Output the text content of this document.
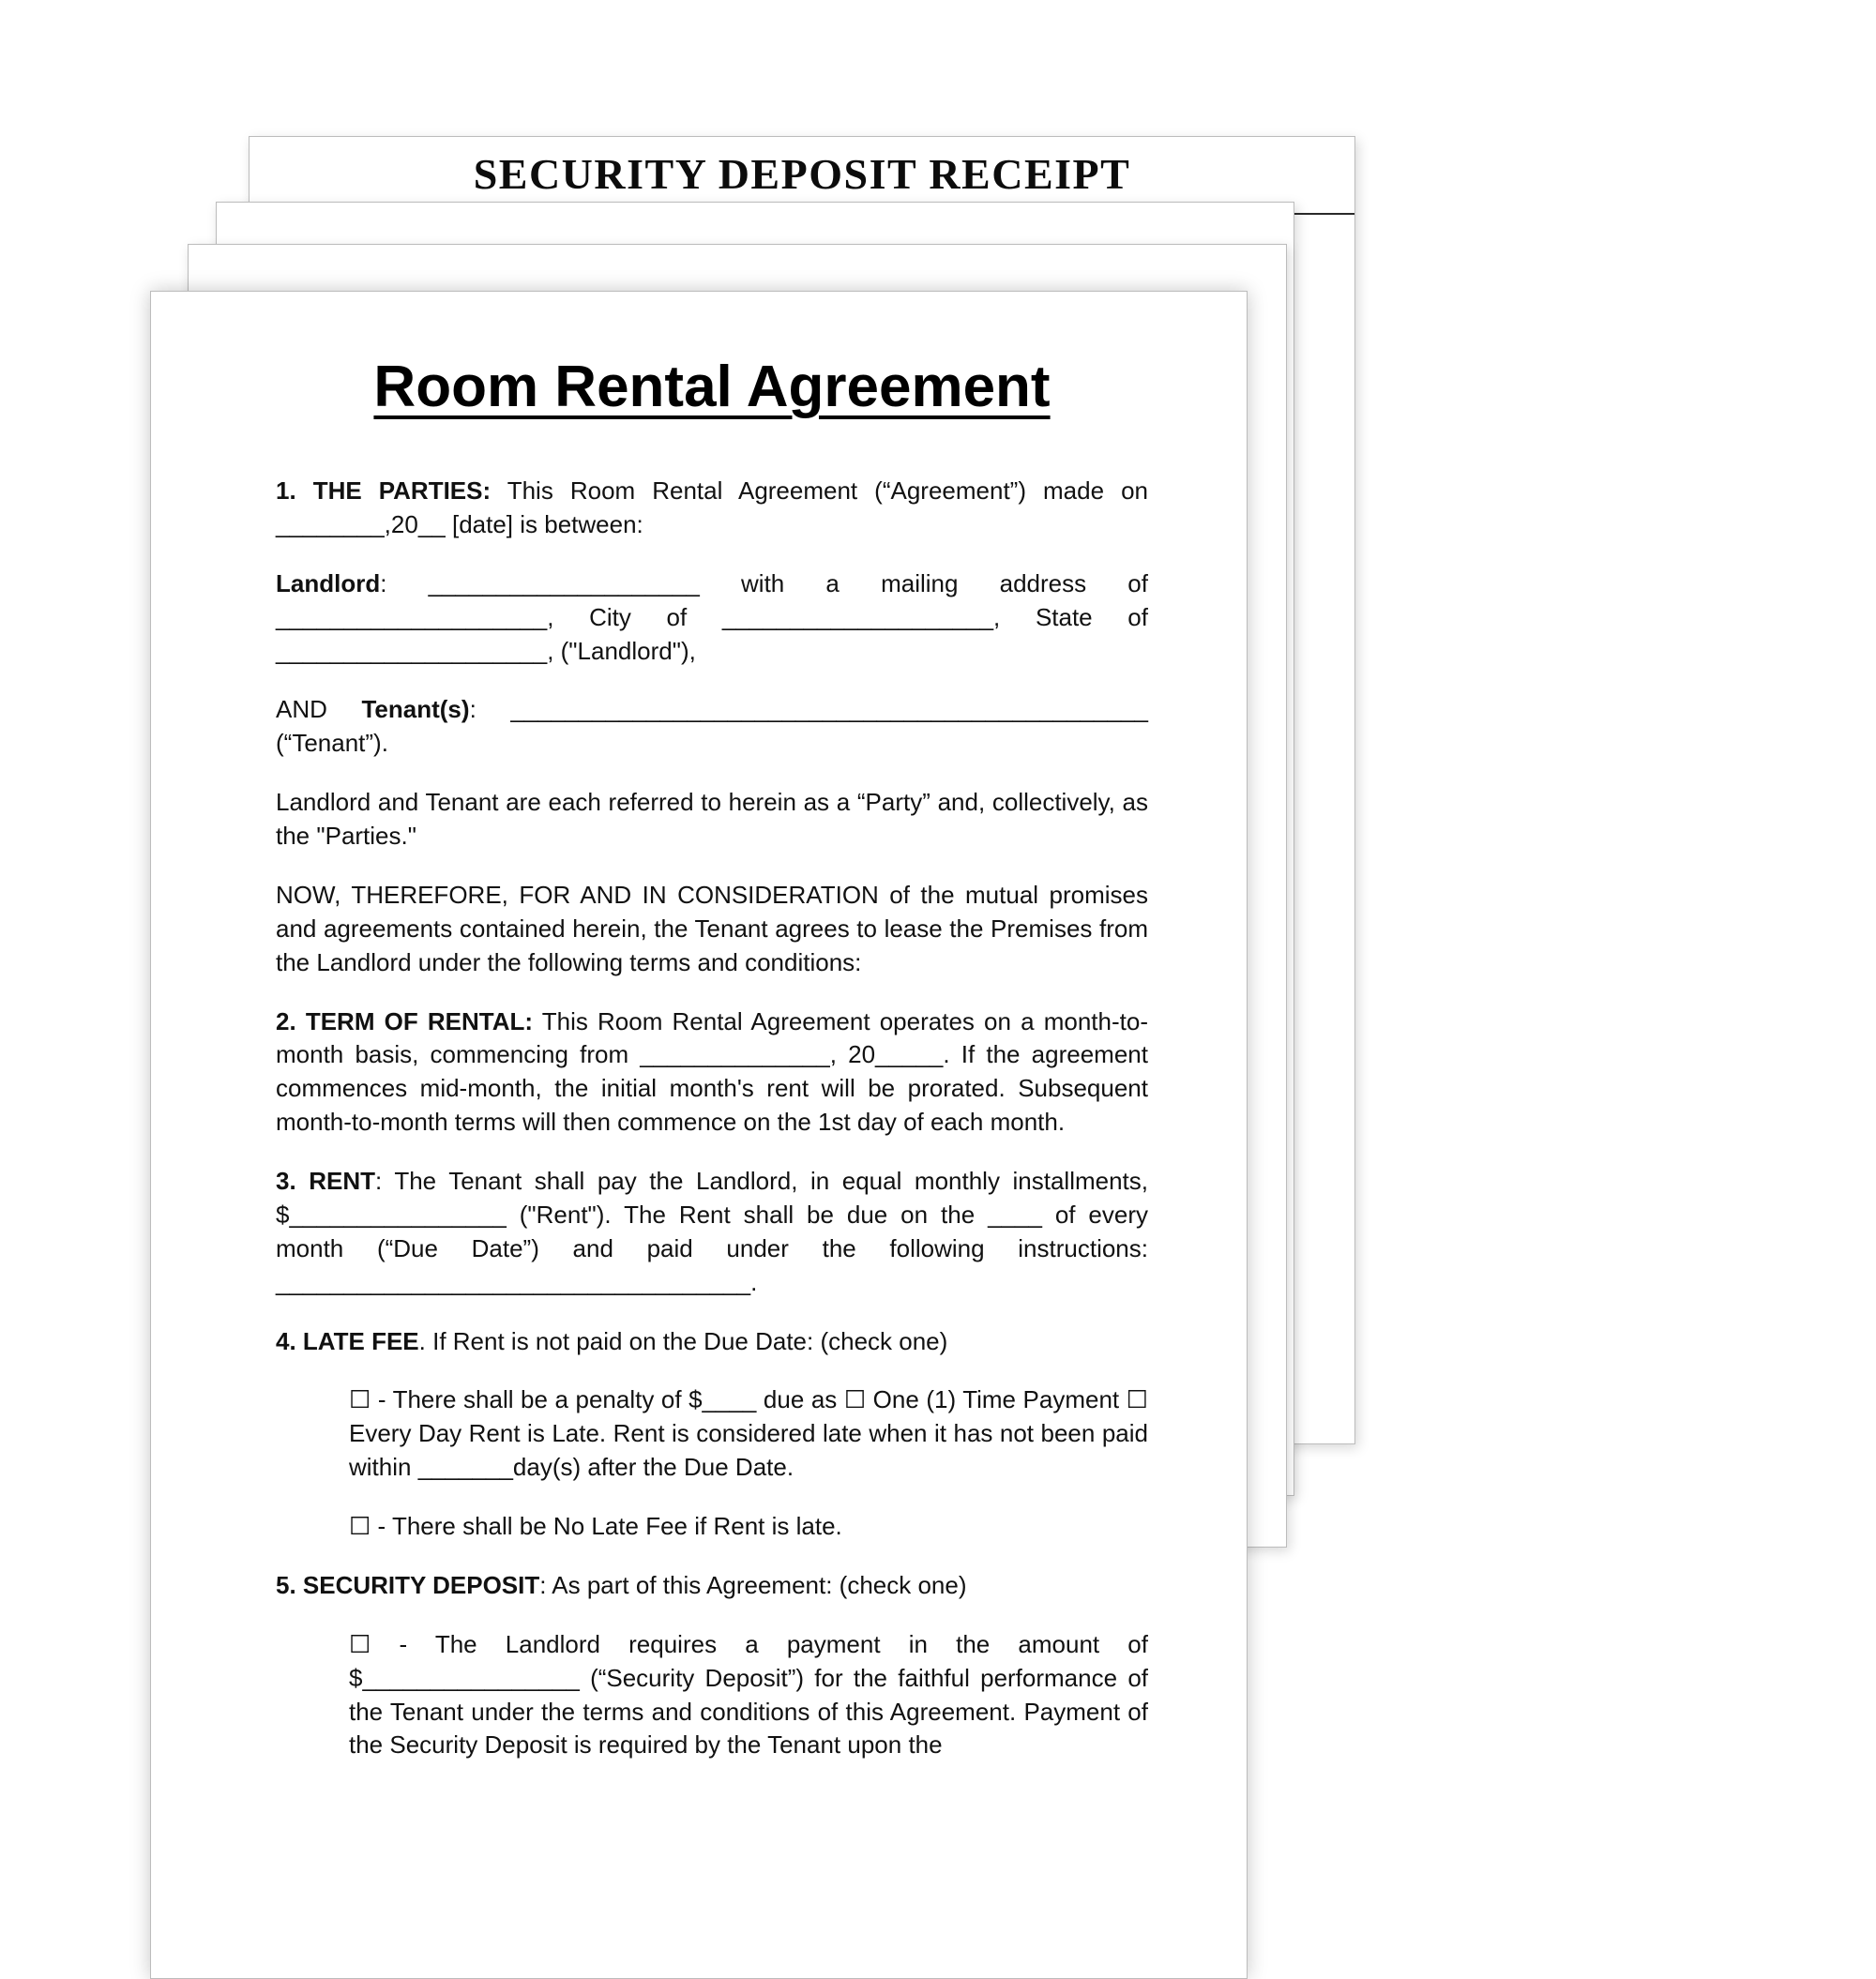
SECURITY DEPOSIT RECEIPT
Room Rental Agreement

1. THE PARTIES: This Room Rental Agreement (“Agreement”) made on ________,20__ [date] is between:

Landlord: ____________________ with a mailing address of ____________________, City of ____________________, State of ____________________, ("Landlord"),

AND Tenant(s): _______________________________________________ (“Tenant”).

Landlord and Tenant are each referred to herein as a “Party” and, collectively, as the "Parties."

NOW, THEREFORE, FOR AND IN CONSIDERATION of the mutual promises and agreements contained herein, the Tenant agrees to lease the Premises from the Landlord under the following terms and conditions:

2. TERM OF RENTAL: This Room Rental Agreement operates on a month-to-month basis, commencing from ______________, 20_____. If the agreement commences mid-month, the initial month's rent will be prorated. Subsequent month-to-month terms will then commence on the 1st day of each month.

3. RENT: The Tenant shall pay the Landlord, in equal monthly installments, $________________ ("Rent"). The Rent shall be due on the ____ of every month (“Due Date”) and paid under the following instructions: ___________________________________.

4. LATE FEE. If Rent is not paid on the Due Date: (check one)

☐ - There shall be a penalty of $____ due as ☐ One (1) Time Payment ☐ Every Day Rent is Late. Rent is considered late when it has not been paid within _______day(s) after the Due Date.

☐ - There shall be No Late Fee if Rent is late.

5. SECURITY DEPOSIT: As part of this Agreement: (check one)

☐ - The Landlord requires a payment in the amount of $________________ (“Security Deposit”) for the faithful performance of the Tenant under the terms and conditions of this Agreement. Payment of the Security Deposit is required by the Tenant upon the
